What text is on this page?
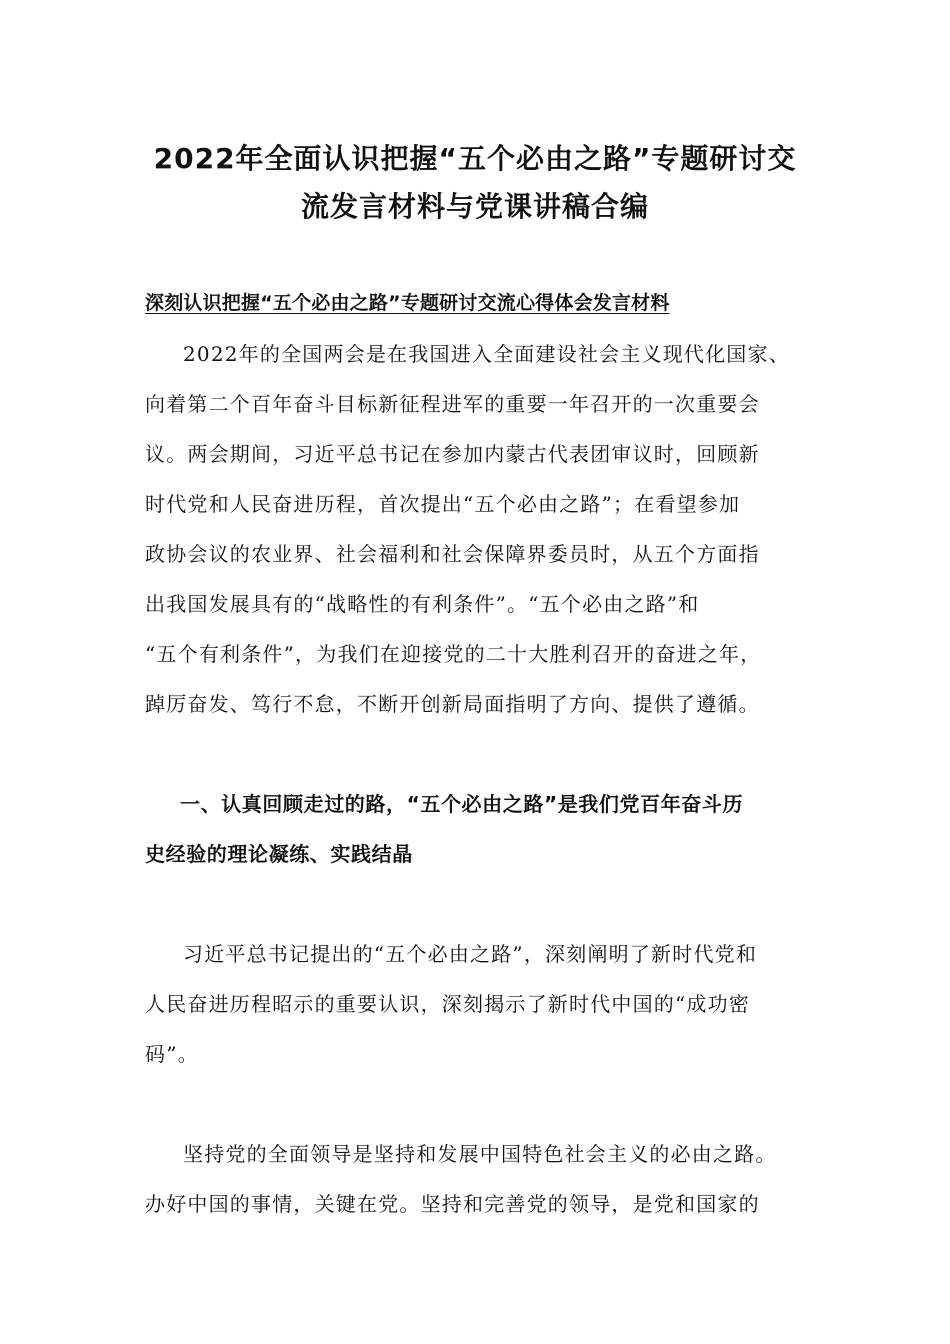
2022年全面认识把握“五个必由之路”专题研讨交
流发言材料与党课讲稿合编
深刻认识把握“五个必由之路”专题研讨交流心得体会发言材料
2022年的全国两会是在我国进入全面建设社会主义现代化国家、
向着第二个百年奋斗目标新征程进军的重要一年召开的一次重要会
议。两会期间，习近平总书记在参加内蒙古代表团审议时，回顾新
时代党和人民奋进历程，首次提出“五个必由之路”；在看望参加
政协会议的农业界、社会福利和社会保障界委员时，从五个方面指
出我国发展具有的“战略性的有利条件”。“五个必由之路”和
“五个有利条件”，为我们在迎接党的二十大胜利召开的奋进之年，
踔厉奋发、笃行不怠，不断开创新局面指明了方向、提供了遵循。
一、认真回顾走过的路，“五个必由之路”是我们党百年奋斗历
史经验的理论凝练、实践结晶
习近平总书记提出的“五个必由之路”，深刻阐明了新时代党和
人民奋进历程昭示的重要认识，深刻揭示了新时代中国的“成功密
码”。
坚持党的全面领导是坚持和发展中国特色社会主义的必由之路。
办好中国的事情，关键在党。坚持和完善党的领导，是党和国家的
